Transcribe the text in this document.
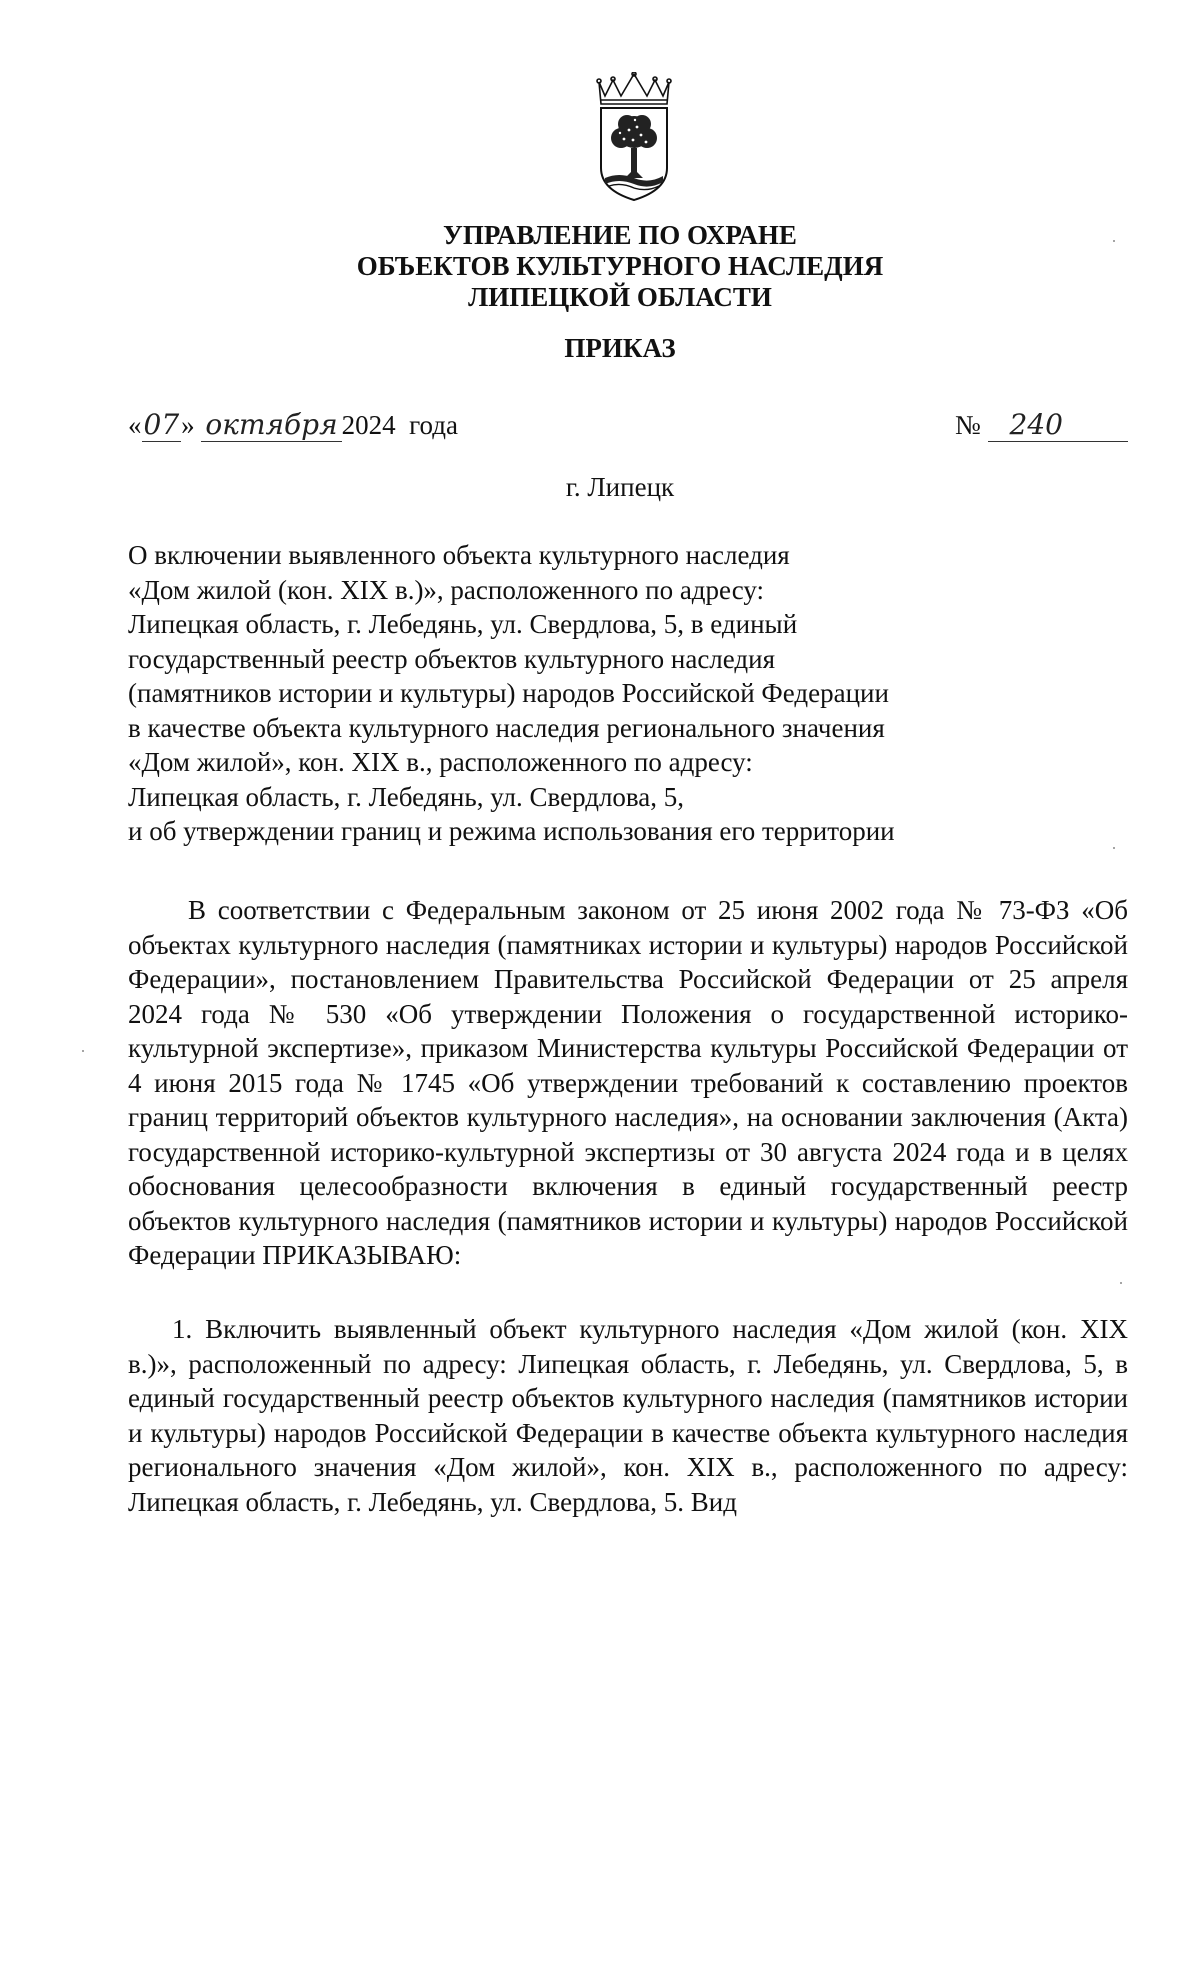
УПРАВЛЕНИЕ ПО ОХРАНЕ
ОБЪЕКТОВ КУЛЬТУРНОГО НАСЛЕДИЯ
ЛИПЕЦКОЙ ОБЛАСТИ
ПРИКАЗ
«07» октября 2024 года	№ 240
г. Липецк
О включении выявленного объекта культурного наследия
«Дом жилой (кон. XIX в.)», расположенного по адресу:
Липецкая область, г. Лебедянь, ул. Свердлова, 5, в единый
государственный реестр объектов культурного наследия
(памятников истории и культуры) народов Российской Федерации
в качестве объекта культурного наследия регионального значения
«Дом жилой», кон. XIX в., расположенного по адресу:
Липецкая область, г. Лебедянь, ул. Свердлова, 5,
и об утверждении границ и режима использования его территории
В соответствии с Федеральным законом от 25 июня 2002 года № 73-ФЗ «Об объектах культурного наследия (памятниках истории и культуры) народов Российской Федерации», постановлением Правительства Российской Федерации от 25 апреля 2024 года № 530 «Об утверждении Положения о государственной историко-культурной экспертизе», приказом Министерства культуры Российской Федерации от 4 июня 2015 года № 1745 «Об утверждении требований к составлению проектов границ территорий объектов культурного наследия», на основании заключения (Акта) государственной историко-культурной экспертизы от 30 августа 2024 года и в целях обоснования целесообразности включения в единый государственный реестр объектов культурного наследия (памятников истории и культуры) народов Российской Федерации ПРИКАЗЫВАЮ:
1. Включить выявленный объект культурного наследия «Дом жилой (кон. XIX в.)», расположенный по адресу: Липецкая область, г. Лебедянь, ул. Свердлова, 5, в единый государственный реестр объектов культурного наследия (памятников истории и культуры) народов Российской Федерации в качестве объекта культурного наследия регионального значения «Дом жилой», кон. XIX в., расположенного по адресу: Липецкая область, г. Лебедянь, ул. Свердлова, 5. Вид
